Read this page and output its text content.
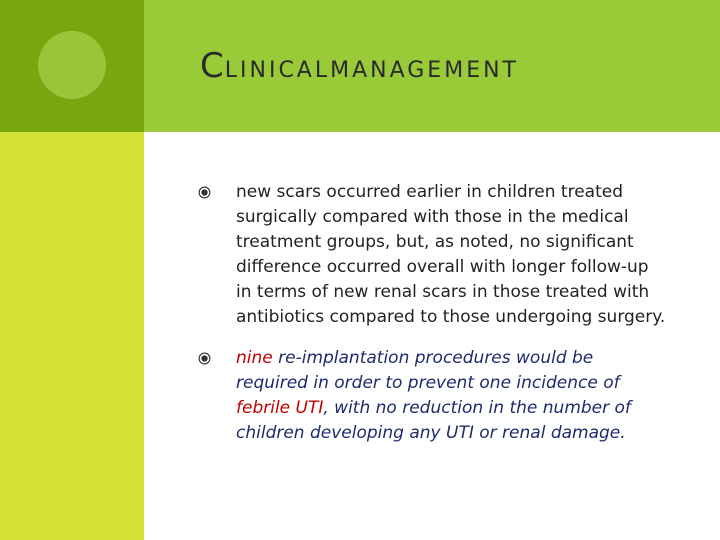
CLINICALMANAGEMENT
new scars occurred earlier in children treated surgically compared with those in the medical treatment groups, but, as noted, no significant difference occurred overall with longer follow-up in terms of new renal scars in those treated with antibiotics compared to those undergoing surgery.
nine re-implantation procedures would be required in order to prevent one incidence of febrile UTI, with no reduction in the number of children developing any UTI or renal damage.
